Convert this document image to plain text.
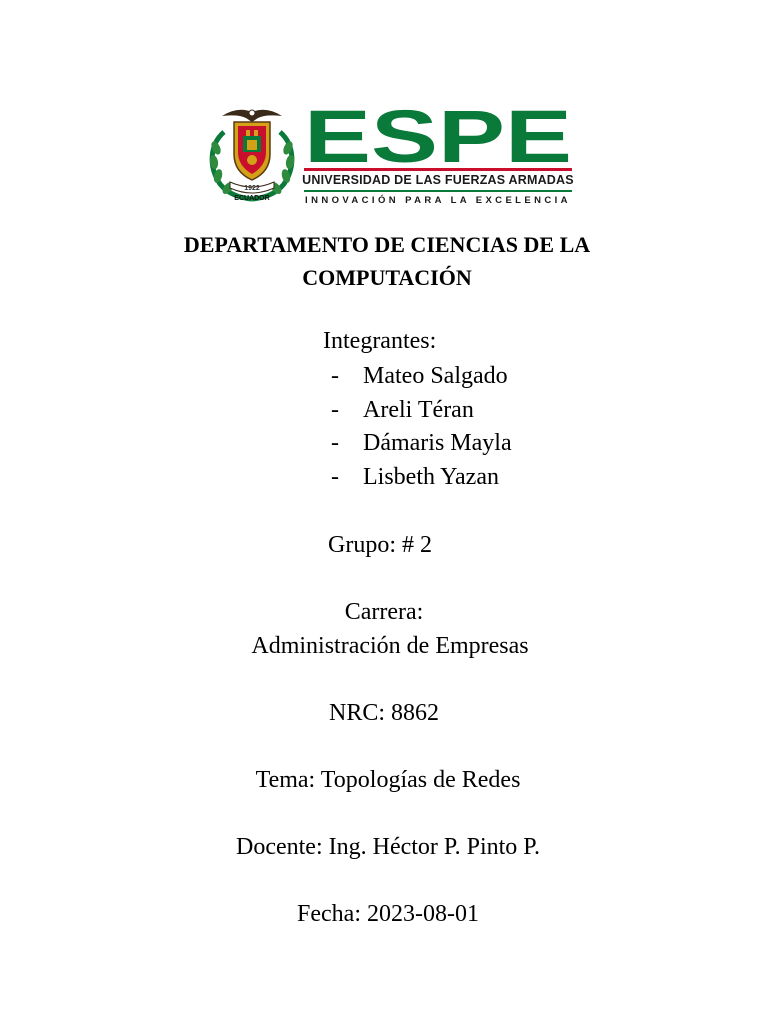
1922
ECUADOR
ESPE
UNIVERSIDAD DE LAS FUERZAS ARMADAS
INNOVACIÓN PARA LA EXCELENCIA
DEPARTAMENTO DE CIENCIAS DE LA
COMPUTACIÓN
Integrantes:
- Mateo Salgado
- Areli Téran
- Dámaris Mayla
- Lisbeth Yazan
Grupo: # 2
Carrera:
Administración de Empresas
NRC: 8862
Tema: Topologías de Redes
Docente: Ing. Héctor P. Pinto P.
Fecha: 2023-08-01
